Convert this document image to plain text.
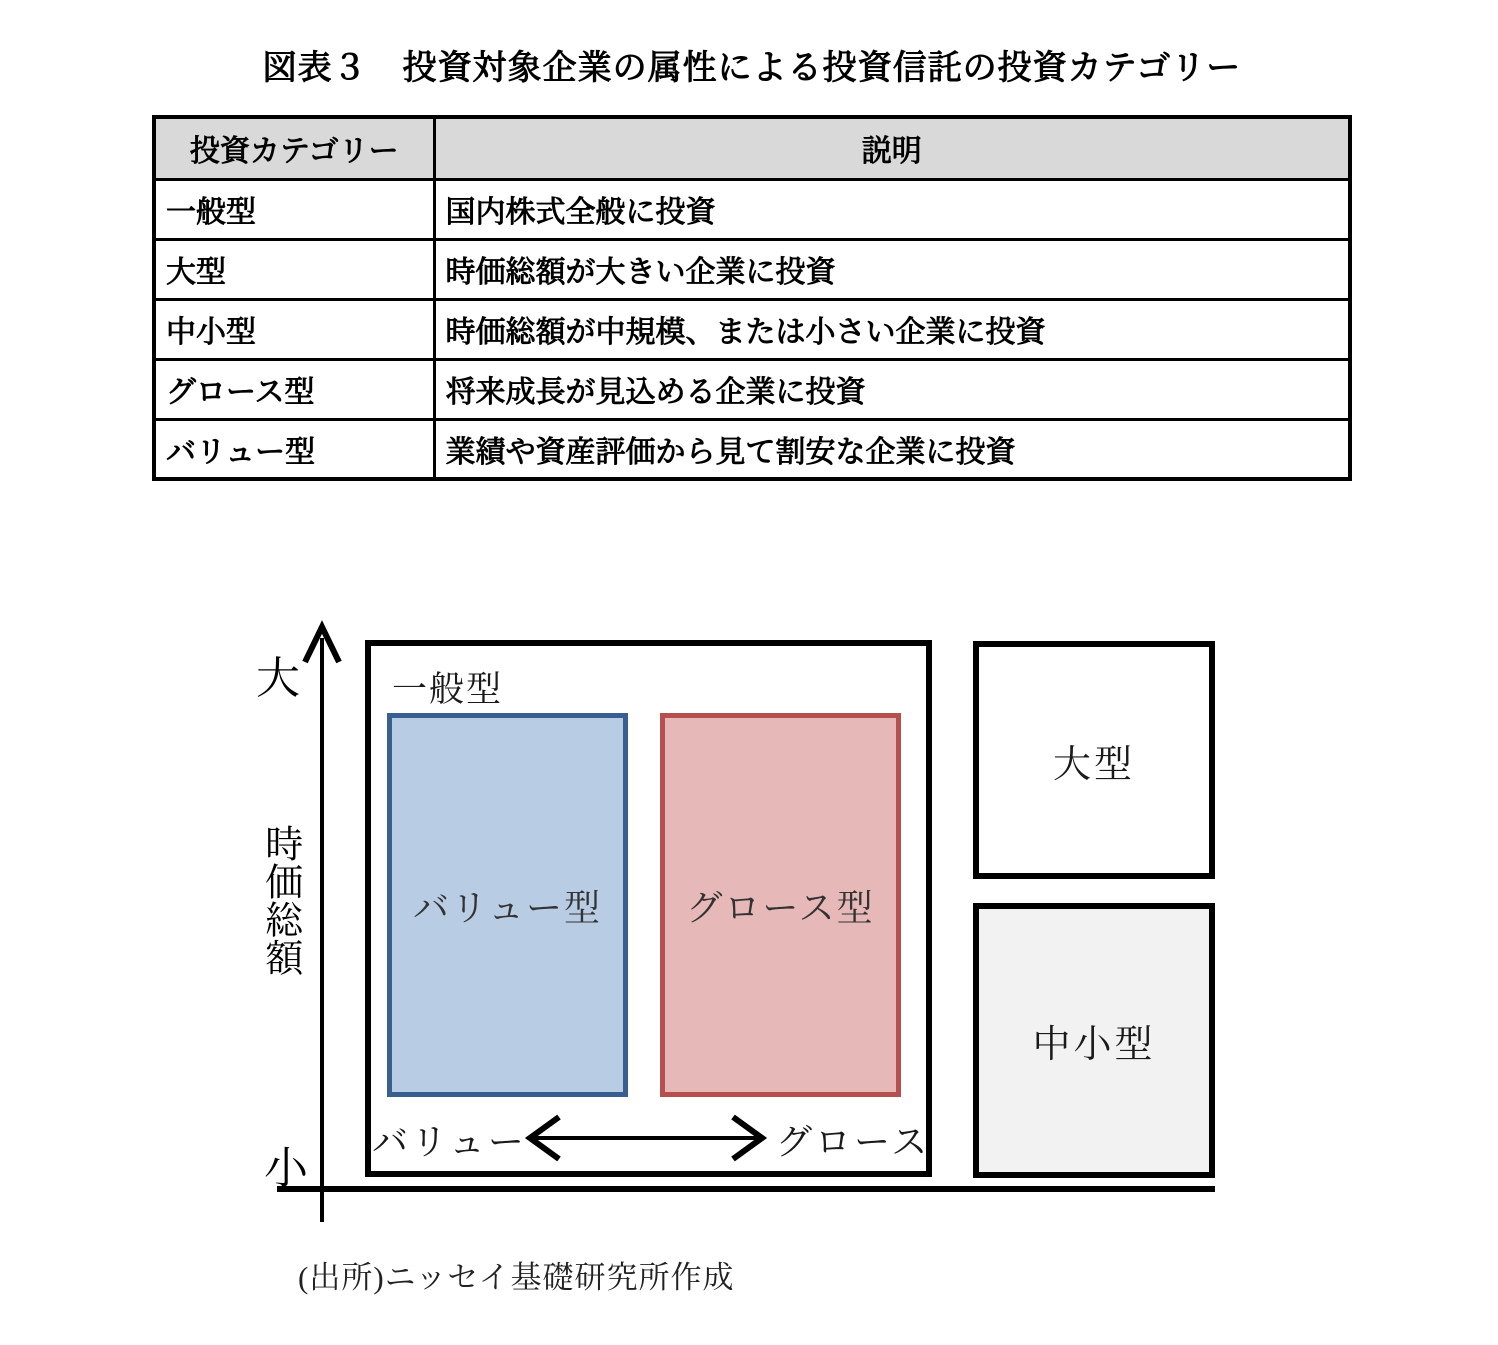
図表３　投資対象企業の属性による投資信託の投資カテゴリー
投資カテゴリー	説明
一般型	国内株式全般に投資
大型	時価総額が大きい企業に投資
中小型	時価総額が中規模、または小さい企業に投資
グロース型	将来成長が見込める企業に投資
バリュー型	業績や資産評価から見て割安な企業に投資
大
時価総額
小
一般型
バリュー型 グロース型
バリュー	グロース
大型
中小型
(出所)ニッセイ基礎研究所作成
